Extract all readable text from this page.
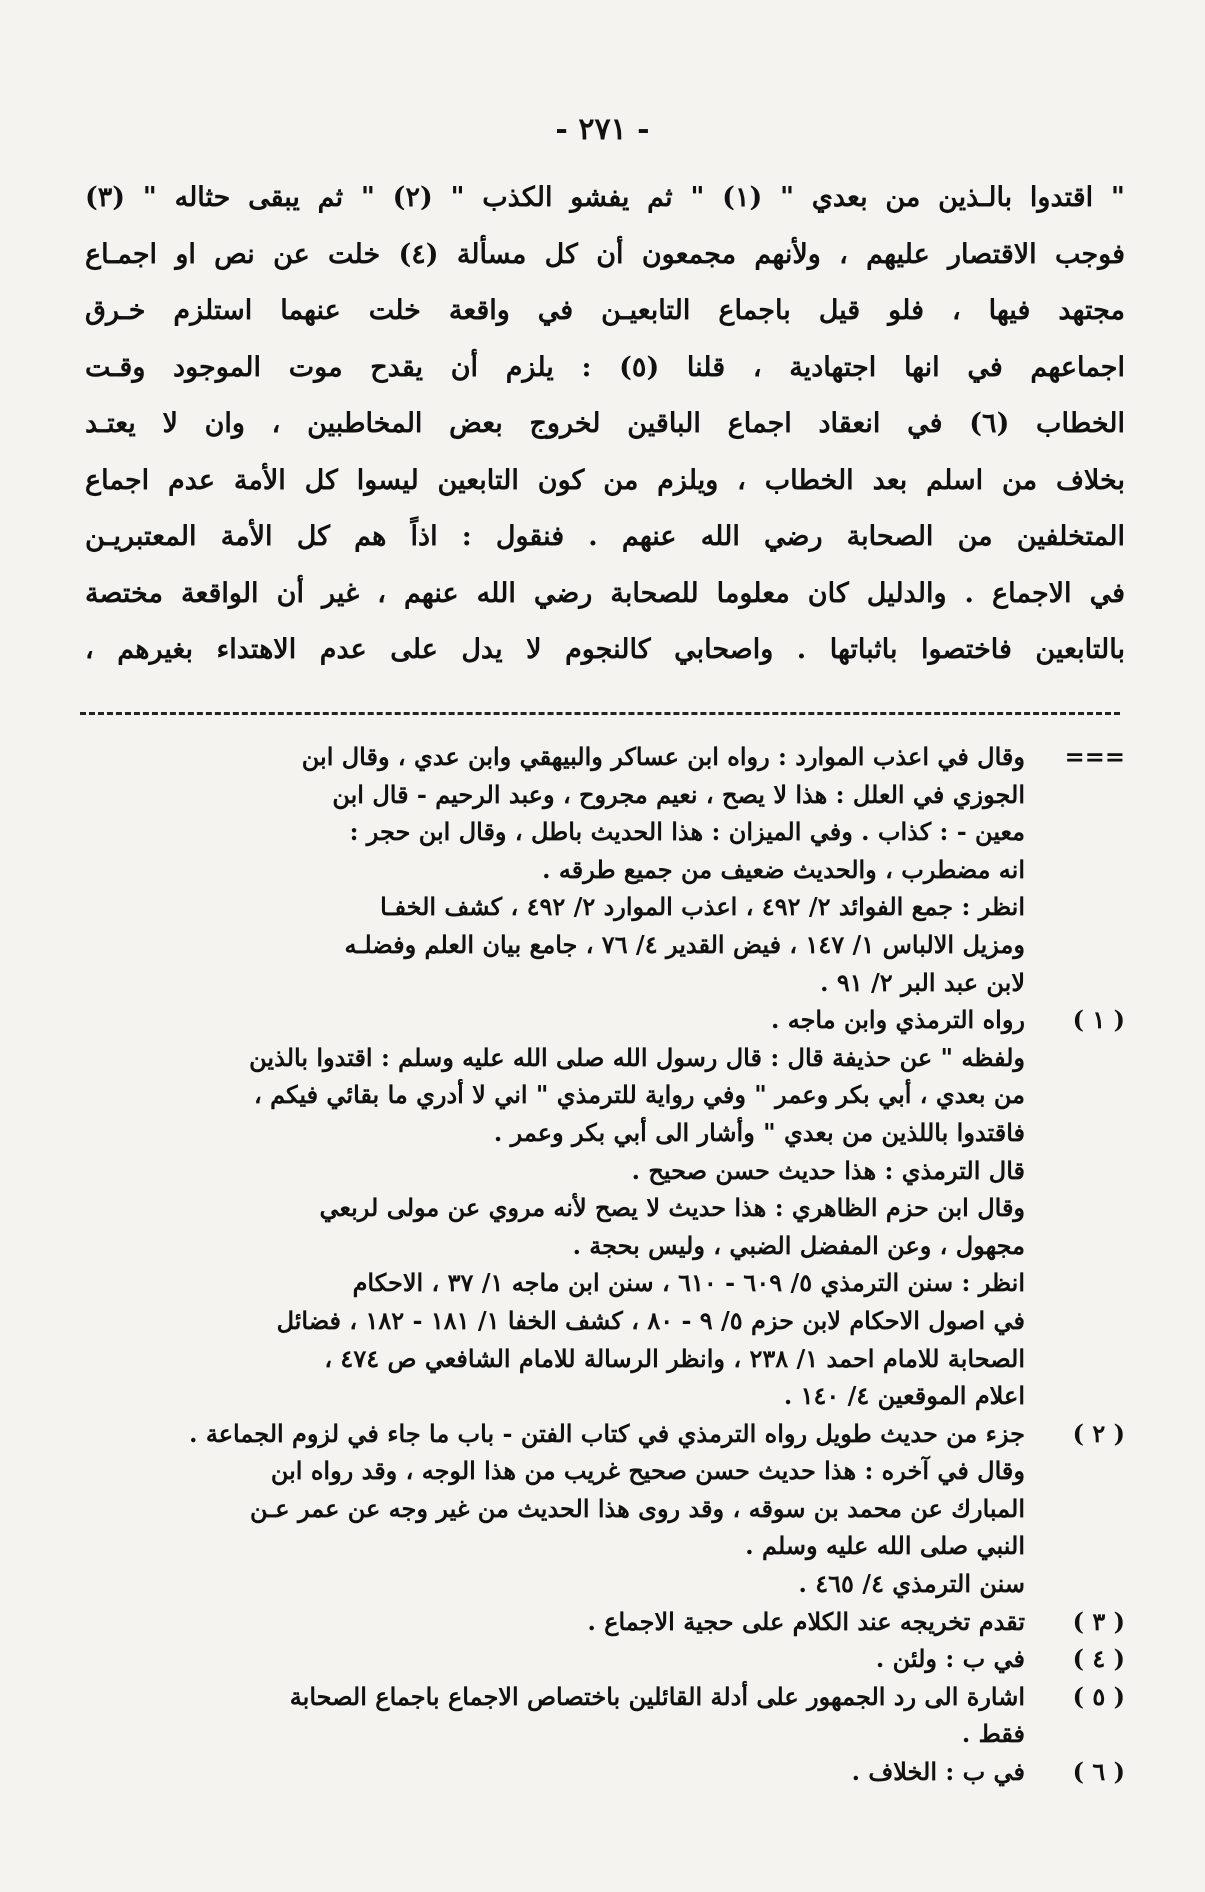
- ٢٧١ -
" اقتدوا بالـذين من بعدي " (١) " ثم يفشو الكذب " (٢) " ثم يبقى حثاله " (٣)
فوجب الاقتصار عليهم ، ولأنهم مجمعون أن كل مسألة (٤) خلت عن نص او اجمـاع
مجتهد فيها ، فلو قيل باجماع التابعيـن في واقعة خلت عنهما استلزم خـرق
اجماعهم في انها اجتهادية ، قلنا (٥) : يلزم أن يقدح موت الموجود وقـت
الخطاب (٦) في انعقاد اجماع الباقين لخروج بعض المخاطبين ، وان لا يعتـد
بخلاف من اسلم بعد الخطاب ، ويلزم من كون التابعين ليسوا كل الأمة عدم اجماع
المتخلفين من الصحابة رضي الله عنهم . فنقول : اذاً هم كل الأمة المعتبريـن
في الاجماع . والدليل كان معلوما للصحابة رضي الله عنهم ، غير أن الواقعة مختصة
بالتابعين فاختصوا باثباتها . واصحابي كالنجوم لا يدل على عدم الاهتداء بغيرهم ،
===
وقال في اعذب الموارد : رواه ابن عساكر والبيهقي وابن عدي ، وقال ابن
الجوزي في العلل : هذا لا يصح ، نعيم مجروح ، وعبد الرحيم - قال ابن
معين - : كذاب . وفي الميزان : هذا الحديث باطل ، وقال ابن حجر :
انه مضطرب ، والحديث ضعيف من جميع طرقه .
انظر : جمع الفوائد ٢/ ٤٩٢ ، اعذب الموارد ٢/ ٤٩٢ ، كشف الخفـا
ومزيل الالباس ١/ ١٤٧ ، فيض القدير ٤/ ٧٦ ، جامع بيان العلم وفضلـه
لابن عبد البر ٢/ ٩١ .
( ١ )
رواه الترمذي وابن ماجه .
ولفظه " عن حذيفة قال : قال رسول الله صلى الله عليه وسلم : اقتدوا بالذين
من بعدي ، أبي بكر وعمر " وفي رواية للترمذي " اني لا أدري ما بقائي فيكم ،
فاقتدوا باللذين من بعدي " وأشار الى أبي بكر وعمر .
قال الترمذي : هذا حديث حسن صحيح .
وقال ابن حزم الظاهري : هذا حديث لا يصح لأنه مروي عن مولى لربعي
مجهول ، وعن المفضل الضبي ، وليس بحجة .
انظر : سنن الترمذي ٥/ ٦٠٩ - ٦١٠ ، سنن ابن ماجه ١/ ٣٧ ، الاحكام
في اصول الاحكام لابن حزم ٥/ ٩ - ٨٠ ، كشف الخفا ١/ ١٨١ - ١٨٢ ، فضائل
الصحابة للامام احمد ١/ ٢٣٨ ، وانظر الرسالة للامام الشافعي ص ٤٧٤ ،
اعلام الموقعين ٤/ ١٤٠ .
( ٢ )
جزء من حديث طويل رواه الترمذي في كتاب الفتن - باب ما جاء في لزوم الجماعة .
وقال في آخره : هذا حديث حسن صحيح غريب من هذا الوجه ، وقد رواه ابن
المبارك عن محمد بن سوقه ، وقد روى هذا الحديث من غير وجه عن عمر عـن
النبي صلى الله عليه وسلم .
سنن الترمذي ٤/ ٤٦٥ .
( ٣ )
تقدم تخريجه عند الكلام على حجية الاجماع .
( ٤ )
في ب : ولئن .
( ٥ )
اشارة الى رد الجمهور على أدلة القائلين باختصاص الاجماع باجماع الصحابة
فقط .
( ٦ )
في ب : الخلاف .
